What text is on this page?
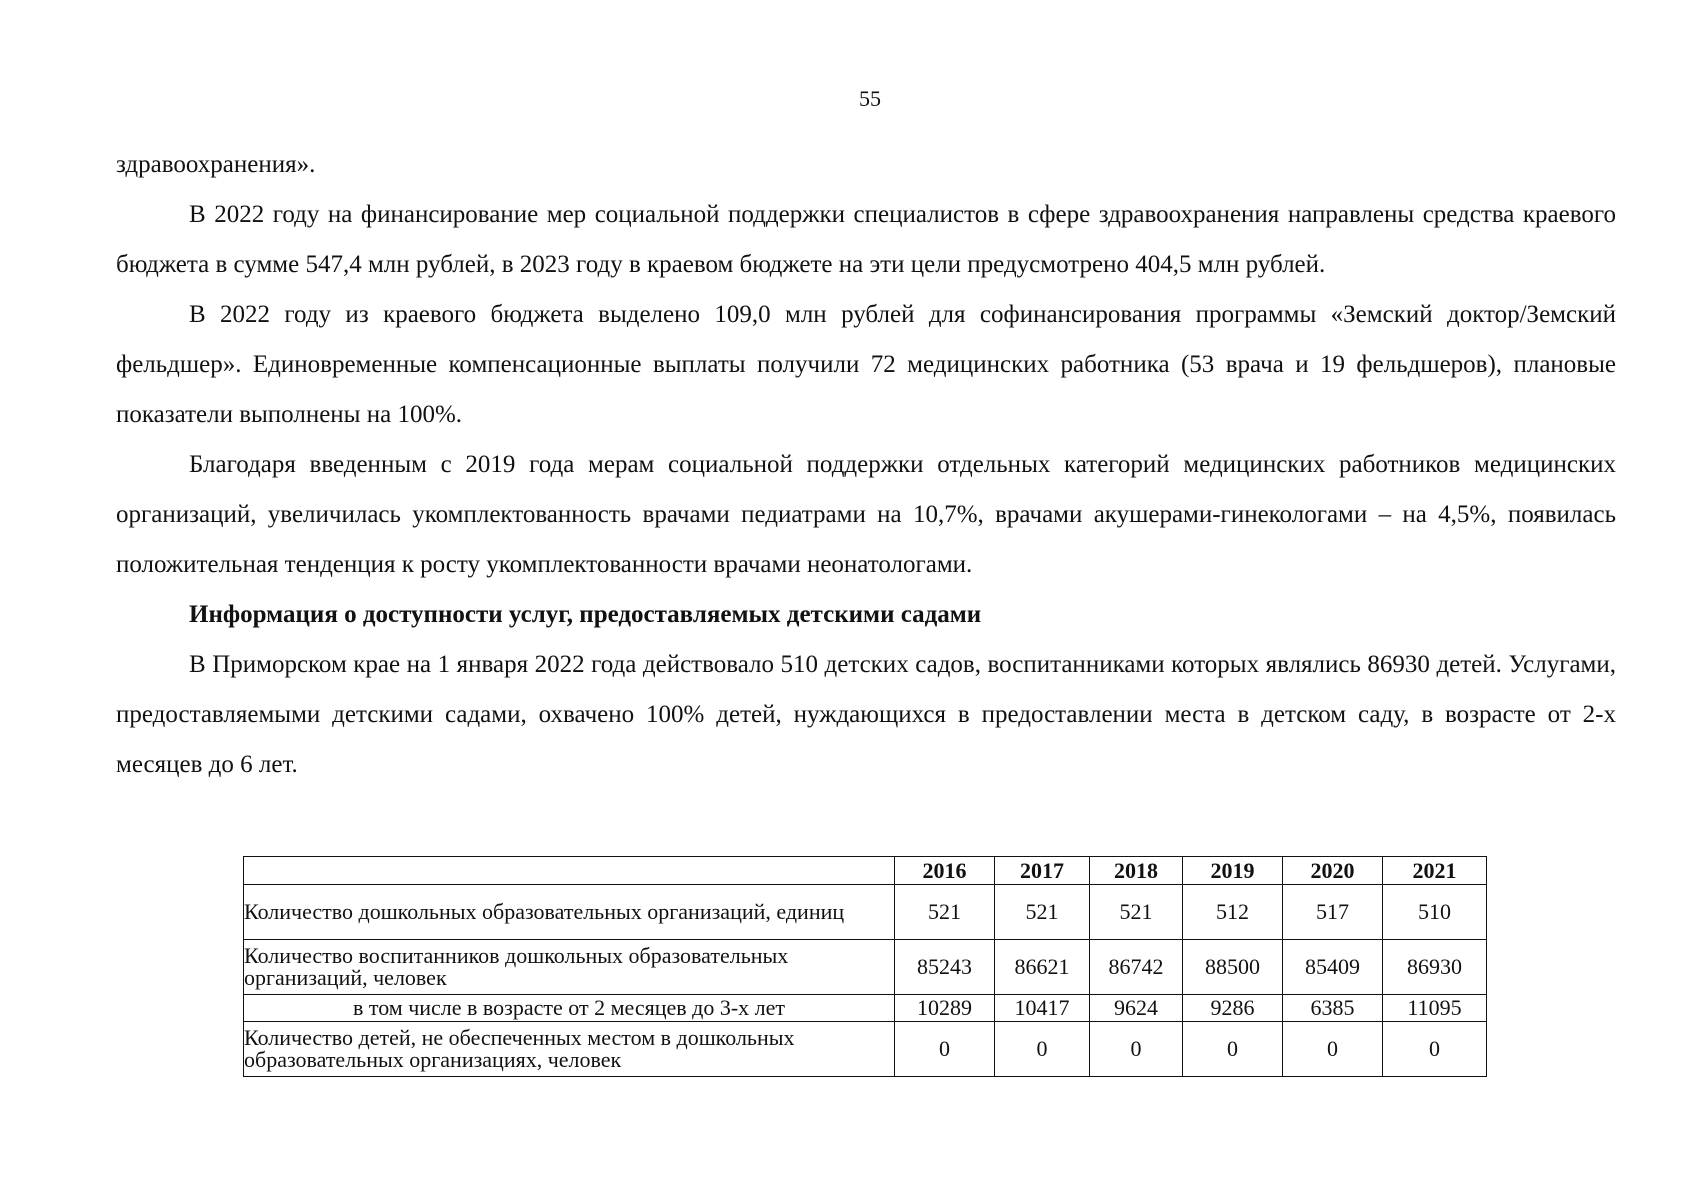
55

здравоохранения».

В 2022 году на финансирование мер социальной поддержки специалистов в сфере здравоохранения направлены средства краевого бюджета в сумме 547,4 млн рублей, в 2023 году в краевом бюджете на эти цели предусмотрено 404,5 млн рублей.

В 2022 году из краевого бюджета выделено 109,0 млн рублей для софинансирования программы «Земский доктор/Земский фельдшер». Единовременные компенсационные выплаты получили 72 медицинских работника (53 врача и 19 фельдшеров), плановые показатели выполнены на 100%.

Благодаря введенным с 2019 года мерам социальной поддержки отдельных категорий медицинских работников медицинских организаций, увеличилась укомплектованность врачами педиатрами на 10,7%, врачами акушерами-гинекологами – на 4,5%, появилась положительная тенденция к росту укомплектованности врачами неонатологами.

Информация о доступности услуг, предоставляемых детскими садами

В Приморском крае на 1 января 2022 года действовало 510 детских садов, воспитанниками которых являлись 86930 детей. Услугами, предоставляемыми детскими садами, охвачено 100% детей, нуждающихся в предоставлении места в детском саду, в возрасте от 2-х месяцев до 6 лет.

	2016	2017	2018	2019	2020	2021
Количество дошкольных образовательных организаций, единиц	521	521	521	512	517	510
Количество воспитанников дошкольных образовательных организаций, человек	85243	86621	86742	88500	85409	86930
в том числе в возрасте от 2 месяцев до 3-х лет	10289	10417	9624	9286	6385	11095
Количество детей, не обеспеченных местом в дошкольных образовательных организациях, человек	0	0	0	0	0	0
